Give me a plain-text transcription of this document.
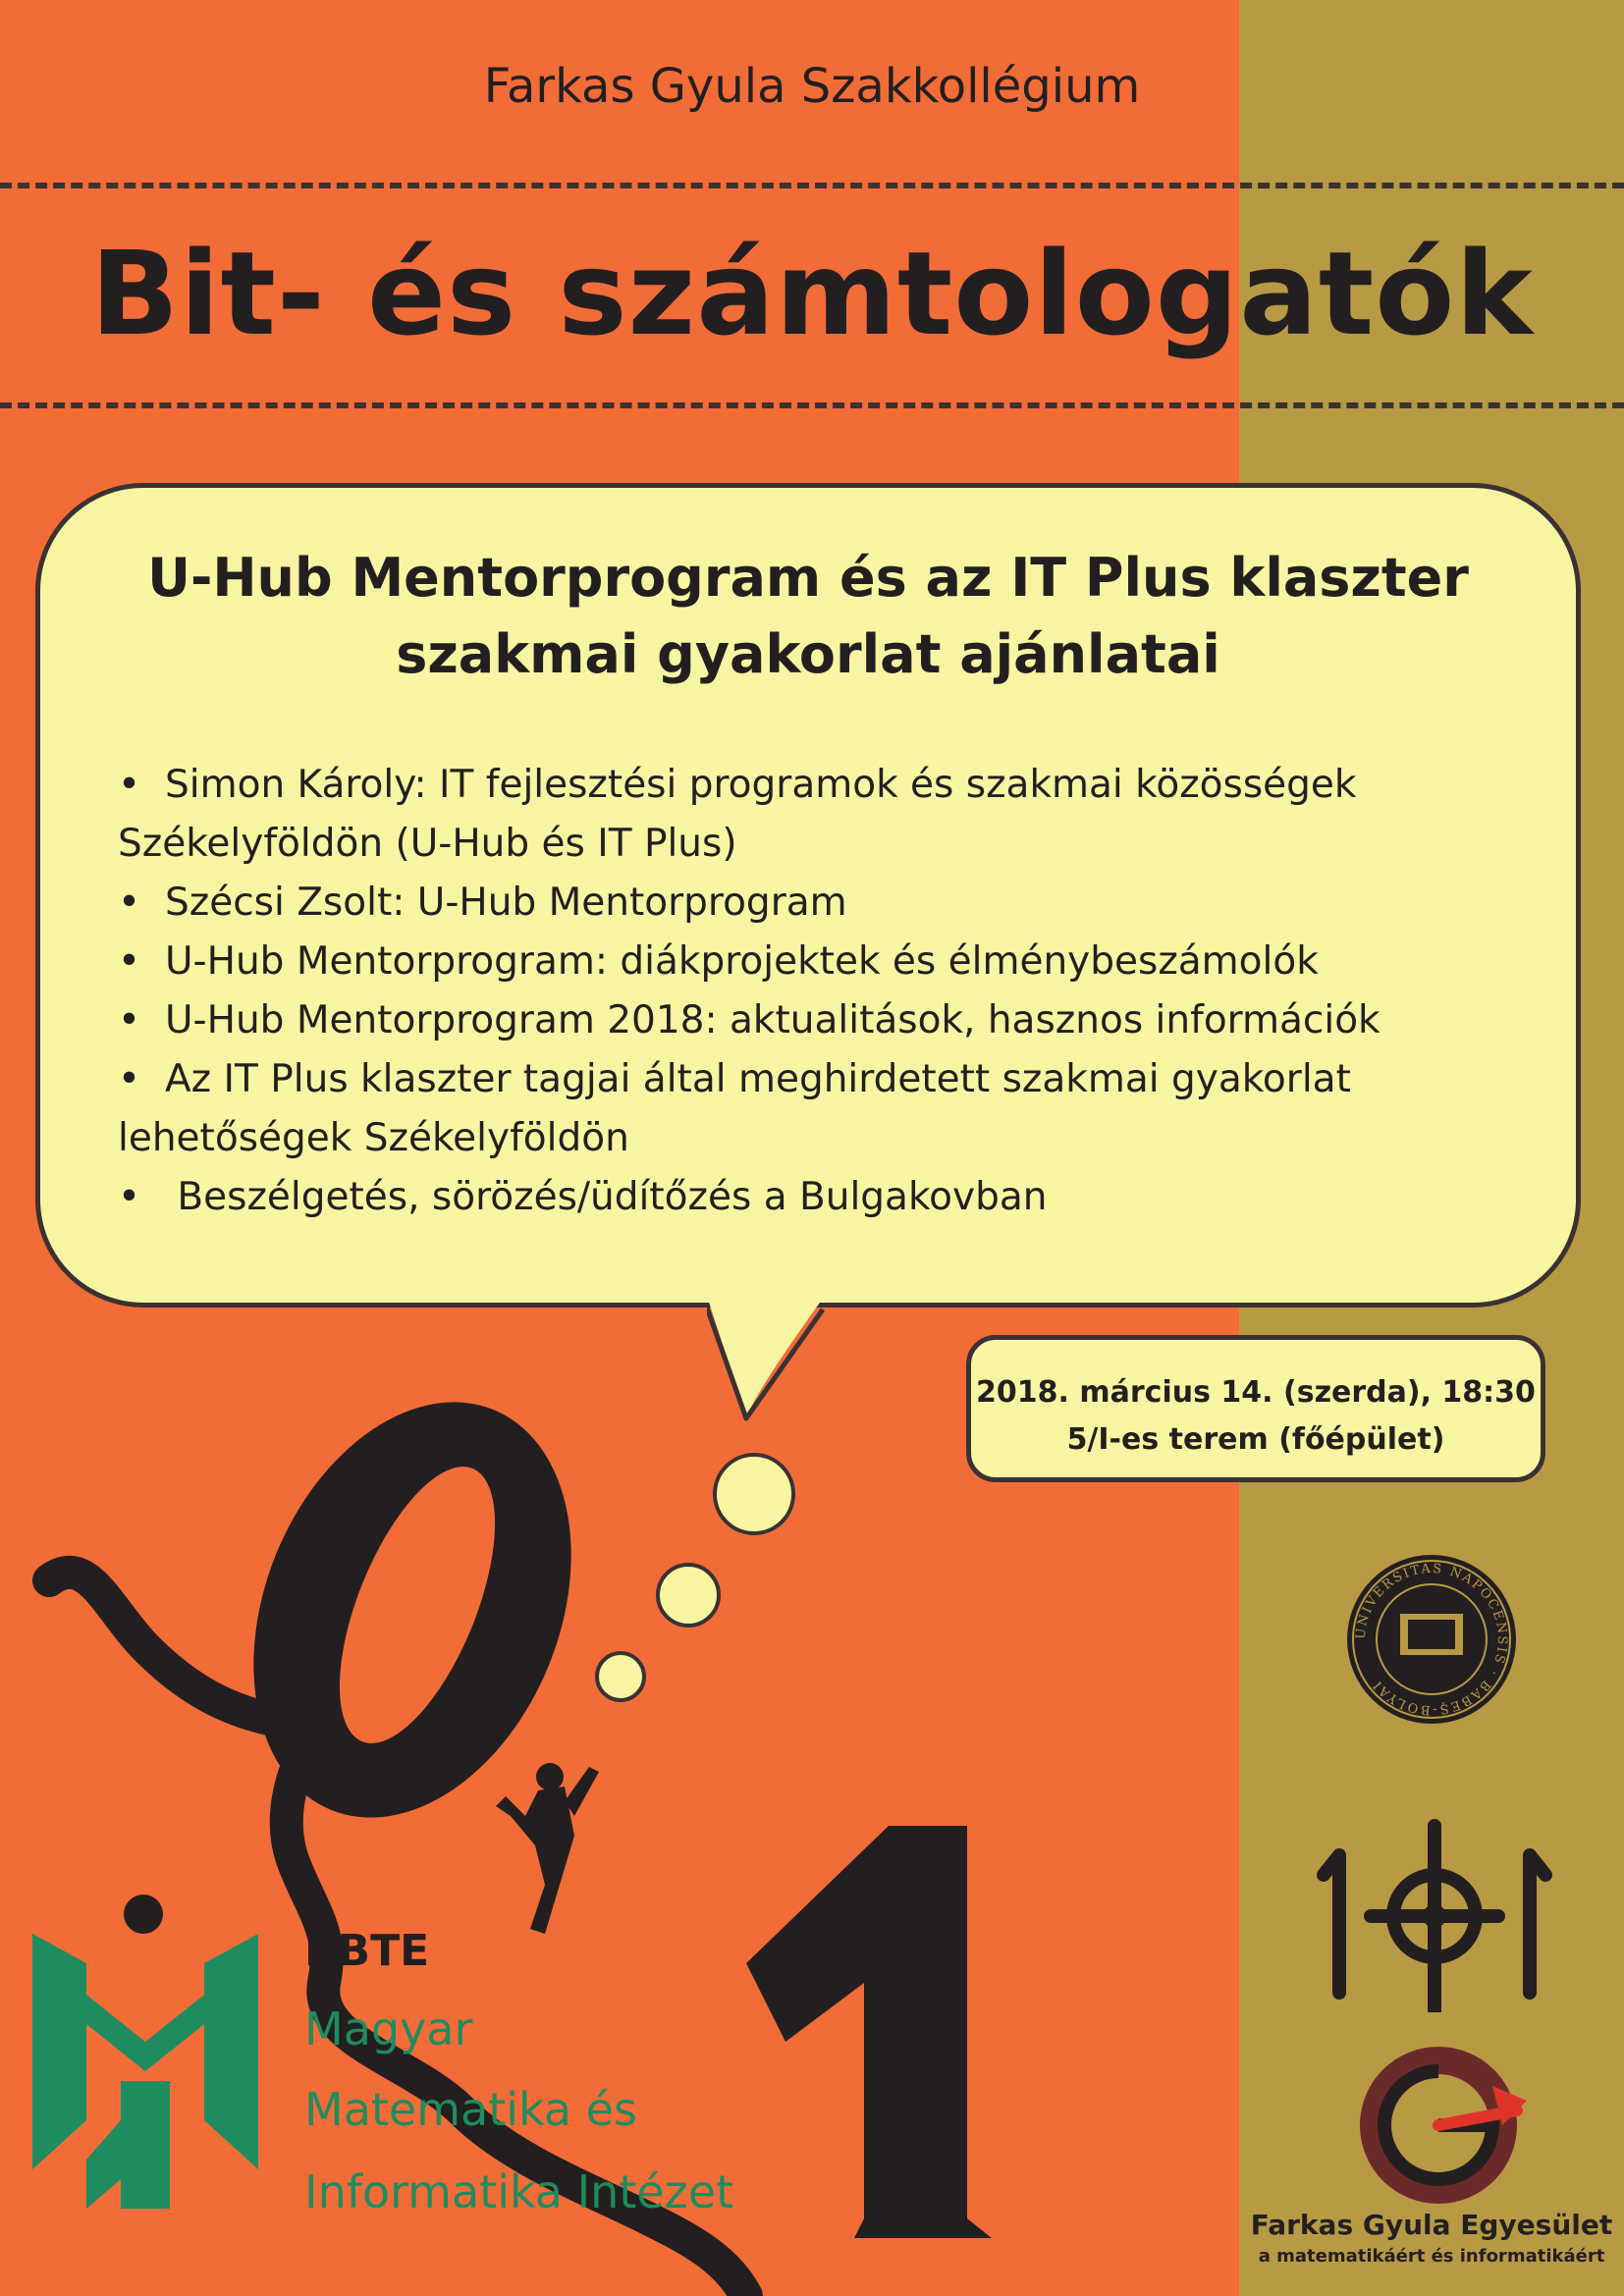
Farkas Gyula Szakkollégium
Bit- és számtologatók
U-Hub Mentorprogram és az IT Plus klaszter
szakmai gyakorlat ajánlatai
• Simon Károly: IT fejlesztési programok és szakmai közösségek
Székelyföldön (U-Hub és IT Plus)
• Szécsi Zsolt: U-Hub Mentorprogram
• U-Hub Mentorprogram: diákprojektek és élménybeszámolók
• U-Hub Mentorprogram 2018: aktualitások, hasznos információk
• Az IT Plus klaszter tagjai által meghirdetett szakmai gyakorlat
lehetőségek Székelyföldön
• Beszélgetés, sörözés/üdítőzés a Bulgakovban
2018. március 14. (szerda), 18:30
5/I-es terem (főépület)
BBTE
Magyar
Matematika és
Informatika Intézet
UNIVERSITAS NAPOCENSIS · BABEŞ-BOLYAI
Farkas Gyula Egyesület
a matematikáért és informatikáért
